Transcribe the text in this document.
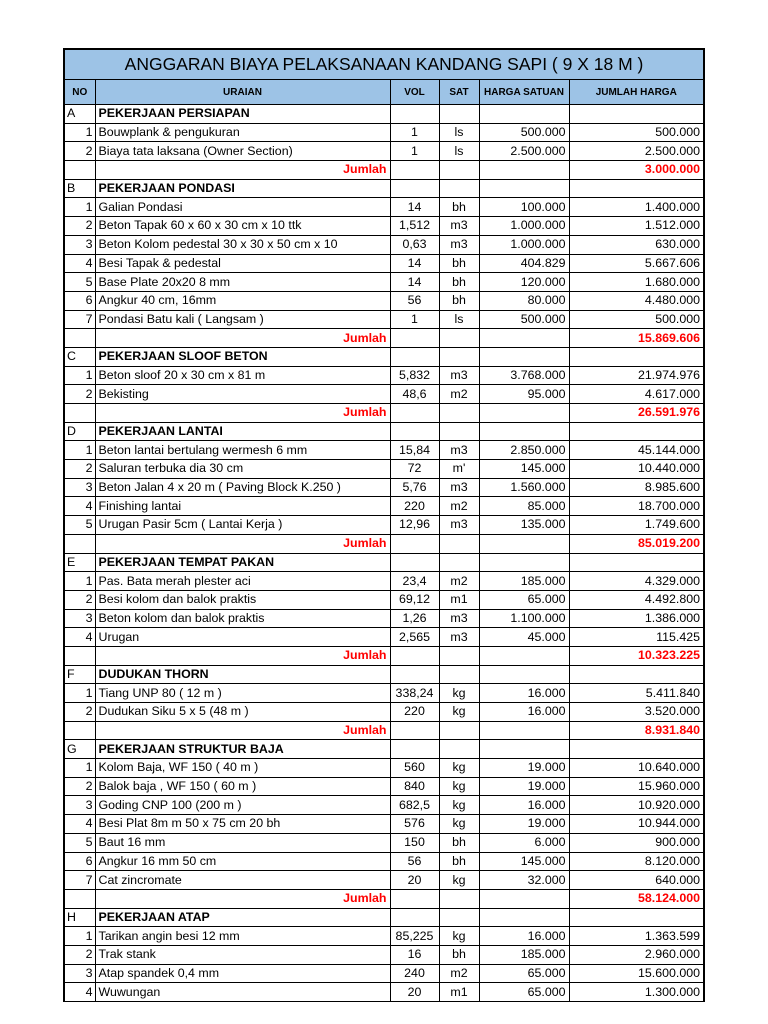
ANGGARAN BIAYA PELAKSANAAN KANDANG SAPI ( 9 X 18 M )					
NO	URAIAN	VOL	SAT	HARGA SATUAN	JUMLAH HARGA
A	PEKERJAAN PERSIAPAN				
1	Bouwplank & pengukuran	1	ls	500.000	500.000
2	Biaya tata laksana (Owner Section)	1	ls	2.500.000	2.500.000
	Jumlah				3.000.000
B	PEKERJAAN PONDASI				
1	Galian Pondasi	14	bh	100.000	1.400.000
2	Beton Tapak 60 x 60 x 30 cm x 10 ttk	1,512	m3	1.000.000	1.512.000
3	Beton Kolom pedestal 30 x 30 x 50 cm x 10	0,63	m3	1.000.000	630.000
4	Besi Tapak & pedestal	14	bh	404.829	5.667.606
5	Base Plate 20x20 8 mm	14	bh	120.000	1.680.000
6	Angkur 40 cm, 16mm	56	bh	80.000	4.480.000
7	Pondasi Batu kali ( Langsam )	1	ls	500.000	500.000
	Jumlah				15.869.606
C	PEKERJAAN SLOOF BETON				
1	Beton sloof 20 x 30 cm x 81 m	5,832	m3	3.768.000	21.974.976
2	Bekisting	48,6	m2	95.000	4.617.000
	Jumlah				26.591.976
D	PEKERJAAN LANTAI				
1	Beton lantai bertulang wermesh 6 mm	15,84	m3	2.850.000	45.144.000
2	Saluran terbuka dia 30 cm	72	m'	145.000	10.440.000
3	Beton Jalan 4 x 20 m ( Paving Block K.250 )	5,76	m3	1.560.000	8.985.600
4	Finishing lantai	220	m2	85.000	18.700.000
5	Urugan Pasir 5cm ( Lantai Kerja )	12,96	m3	135.000	1.749.600
	Jumlah				85.019.200
E	PEKERJAAN TEMPAT PAKAN				
1	Pas. Bata merah plester aci	23,4	m2	185.000	4.329.000
2	Besi kolom dan balok praktis	69,12	m1	65.000	4.492.800
3	Beton kolom dan balok praktis	1,26	m3	1.100.000	1.386.000
4	Urugan	2,565	m3	45.000	115.425
	Jumlah				10.323.225
F	DUDUKAN THORN				
1	Tiang UNP 80 ( 12 m )	338,24	kg	16.000	5.411.840
2	Dudukan Siku 5 x 5 (48 m )	220	kg	16.000	3.520.000
	Jumlah				8.931.840
G	PEKERJAAN STRUKTUR BAJA				
1	Kolom Baja, WF 150 ( 40 m )	560	kg	19.000	10.640.000
2	Balok baja , WF 150 ( 60 m )	840	kg	19.000	15.960.000
3	Goding CNP 100 (200 m )	682,5	kg	16.000	10.920.000
4	Besi Plat 8m m 50 x 75 cm 20 bh	576	kg	19.000	10.944.000
5	Baut 16 mm	150	bh	6.000	900.000
6	Angkur 16 mm 50 cm	56	bh	145.000	8.120.000
7	Cat zincromate	20	kg	32.000	640.000
	Jumlah				58.124.000
H	PEKERJAAN ATAP				
1	Tarikan angin besi 12 mm	85,225	kg	16.000	1.363.599
2	Trak stank	16	bh	185.000	2.960.000
3	Atap spandek 0,4 mm	240	m2	65.000	15.600.000
4	Wuwungan	20	m1	65.000	1.300.000
